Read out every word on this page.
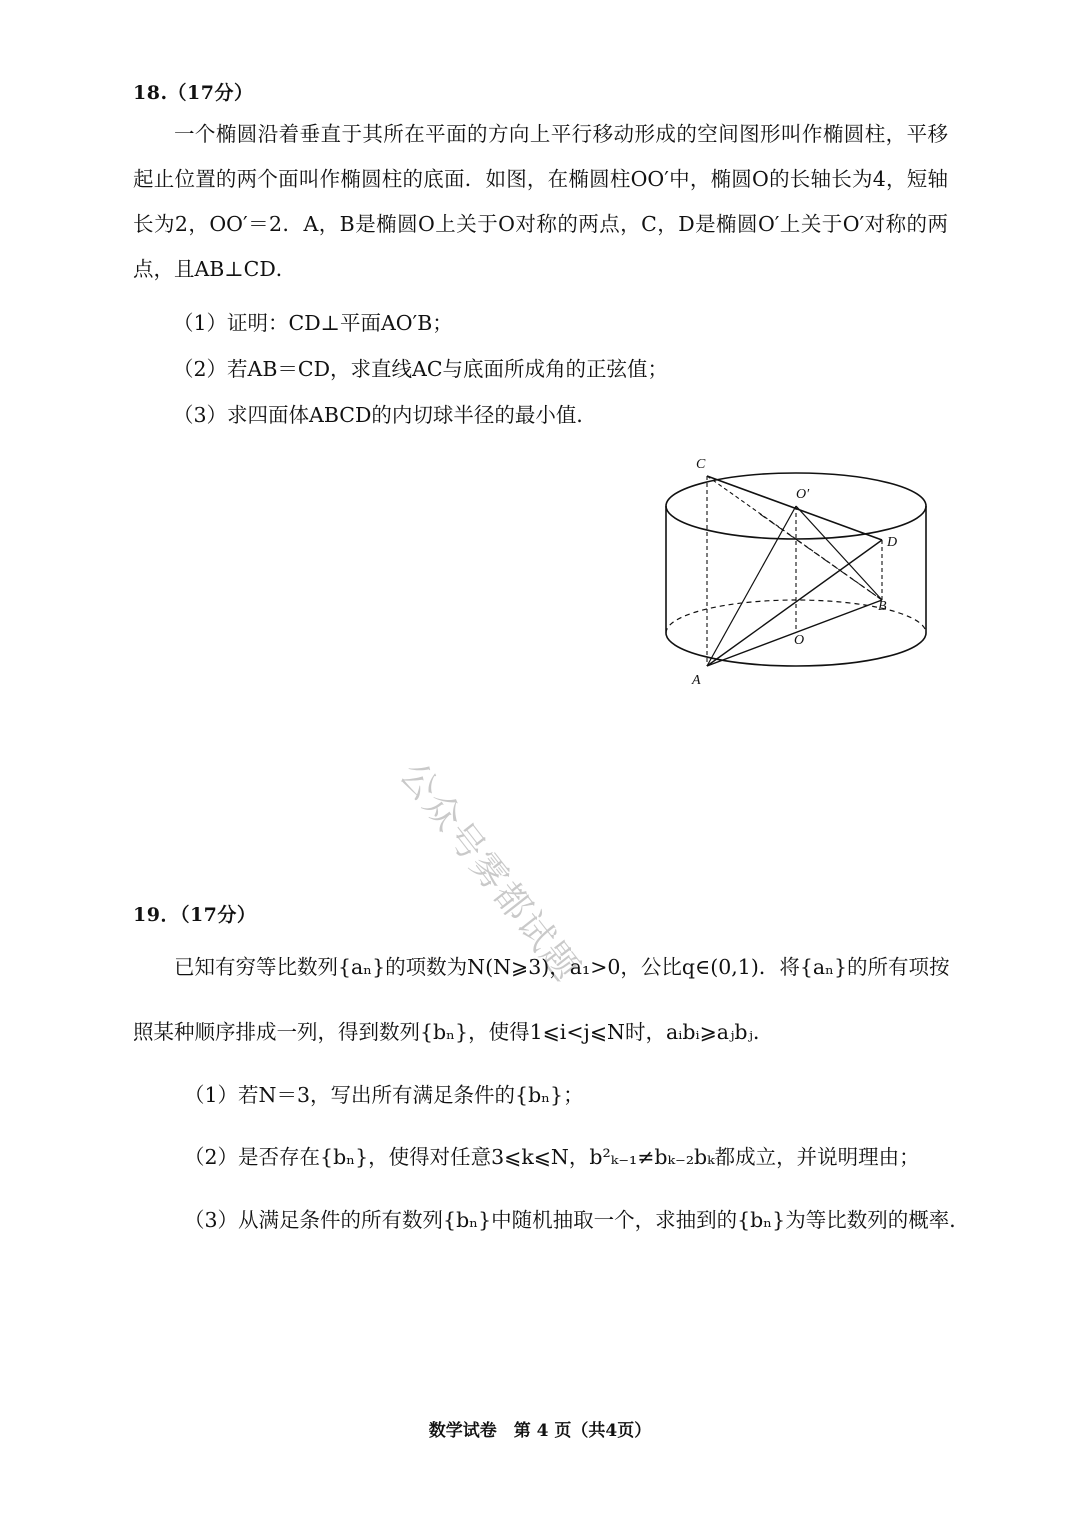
18.（17分）
一个椭圆沿着垂直于其所在平面的方向上平行移动形成的空间图形叫作椭圆柱，平移起止位置的两个面叫作椭圆柱的底面．如图，在椭圆柱OO′中，椭圆O的长轴长为4，短轴长为2，OO′＝2．A，B是椭圆O上关于O对称的两点，C，D是椭圆O′上关于O′对称的两点，且AB⊥CD．
（1）证明：CD⊥平面AO′B；
（2）若AB＝CD，求直线AC与底面所成角的正弦值；
（3）求四面体ABCD的内切球半径的最小值．
C
O′
D
B
O
A
公众号雾都试题
19．（17分）
已知有穷等比数列{aₙ}的项数为N(N⩾3)，a₁>0，公比q∈(0,1)．将{aₙ}的所有项按
照某种顺序排成一列，得到数列{bₙ}，使得1⩽i<j⩽N时，aᵢbᵢ⩾aⱼbⱼ．
（1）若N＝3，写出所有满足条件的{bₙ}；
（2）是否存在{bₙ}，使得对任意3⩽k⩽N，b²ₖ₋₁≠bₖ₋₂bₖ都成立，并说明理由；
（3）从满足条件的所有数列{bₙ}中随机抽取一个，求抽到的{bₙ}为等比数列的概率．
数学试卷　第 4 页（共4页）
